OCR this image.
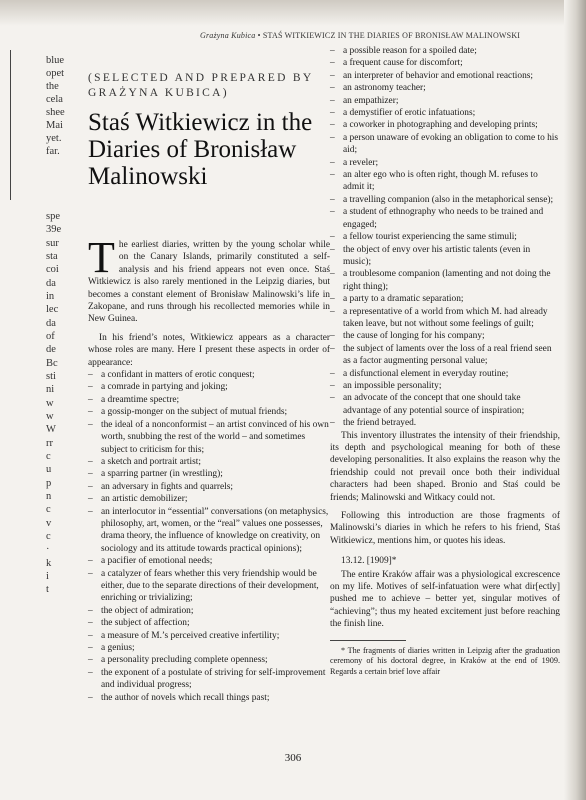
blue
opet
the
cela
shee
Mai
yet.
far.
spe
39e
sur
sta
coi
da
in
lec
da
of
de
Bc
sti
ni
w
w
W
rr
c
u
p
n
c
v
c
·
k
i
t
Grażyna Kubica • STAŚ WITKIEWICZ IN THE DIARIES OF BRONISŁAW MALINOWSKI
(SELECTED AND PREPARED BY GRAŻYNA KUBICA)
Staś Witkiewicz in the Diaries of Bronisław Malinowski

The earliest diaries, written by the young scholar while on the Canary Islands, primarily constituted a self-analysis and his friend appears not even once. Staś Witkiewicz is also rarely mentioned in the Leipzig diaries, but becomes a constant element of Bronisław Malinowski’s life in Zakopane, and runs through his recollected memories while in New Guinea.

In his friend’s notes, Witkiewicz appears as a character whose roles are many. Here I present these aspects in order of appearance:

– a confidant in matters of erotic conquest;
– a comrade in partying and joking;
– a dreamtime spectre;
– a gossip-monger on the subject of mutual friends;
– the ideal of a nonconformist – an artist convinced of his own worth, snubbing the rest of the world – and sometimes subject to criticism for this;
– a sketch and portrait artist;
– a sparring partner (in wrestling);
– an adversary in fights and quarrels;
– an artistic demobilizer;
– an interlocutor in “essential” conversations (on metaphysics, philosophy, art, women, or the “real” values one possesses, drama theory, the influence of knowledge on creativity, on sociology and its attitude towards practical opinions);
– a pacifier of emotional needs;
– a catalyzer of fears whether this very friendship would be either, due to the separate directions of their development, enriching or trivializing;
– the object of admiration;
– the subject of affection;
– a measure of M.’s perceived creative infertility;
– a genius;
– a personality precluding complete openness;
– the exponent of a postulate of striving for self-improvement and individual progress;
– the author of novels which recall things past;
– a possible reason for a spoiled date;
– a frequent cause for discomfort;
– an interpreter of behavior and emotional reactions;
– an astronomy teacher;
– an empathizer;
– a demystifier of erotic infatuations;
– a coworker in photographing and developing prints;
– a person unaware of evoking an obligation to come to his aid;
– a reveler;
– an alter ego who is often right, though M. refuses to admit it;
– a travelling companion (also in the metaphorical sense);
– a student of ethnography who needs to be trained and engaged;
– a fellow tourist experiencing the same stimuli;
– the object of envy over his artistic talents (even in music);
– a troublesome companion (lamenting and not doing the right thing);
– a party to a dramatic separation;
– a representative of a world from which M. had already taken leave, but not without some feelings of guilt;
– the cause of longing for his company;
– the subject of laments over the loss of a real friend seen as a factor augmenting personal value;
– a disfunctional element in everyday routine;
– an impossible personality;
– an advocate of the concept that one should take advantage of any potential source of inspiration;
– the friend betrayed.

This inventory illustrates the intensity of their friendship, its depth and psychological meaning for both of these developing personalities. It also explains the reason why the friendship could not prevail once both their individual characters had been shaped. Bronio and Staś could be friends; Malinowski and Witkacy could not.

Following this introduction are those fragments of Malinowski’s diaries in which he refers to his friend, Staś Witkiewicz, mentions him, or quotes his ideas.

13.12. [1909]*

The entire Kraków affair was a physiological excrescence on my life. Motives of self-infatuation were what dir[ectly] pushed me to achieve – better yet, singular motives of “achieving”; thus my heated excitement just before reaching the finish line.

* The fragments of diaries written in Leipzig after the graduation ceremony of his doctoral degree, in Kraków at the end of 1909. Regards a certain brief love affair

306
